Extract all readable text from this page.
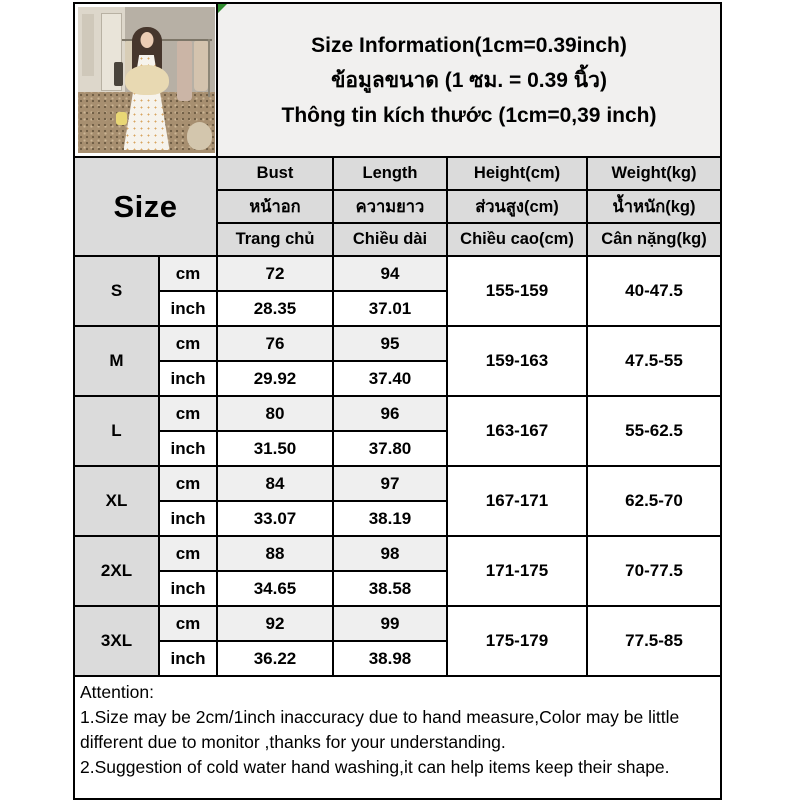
		Size Information(1cm=0.39inch)
ข้อมูลขนาด (1 ซม. = 0.39 นิ้ว)
Thông tin kích thước (1cm=0,39 inch)			

Size		Bust	Length	Height(cm)	Weight(kg)
		หน้าอก	ความยาว	ส่วนสูง(cm)	น้ำหนัก(kg)
		Trang chủ	Chiều dài	Chiều cao(cm)	Cân nặng(kg)
S	cm	72	94	155-159	40-47.5
	inch	28.35	37.01		
M	cm	76	95	159-163	47.5-55
	inch	29.92	37.40		
L	cm	80	96	163-167	55-62.5
	inch	31.50	37.80		
XL	cm	84	97	167-171	62.5-70
	inch	33.07	38.19		
2XL	cm	88	98	171-175	70-77.5
	inch	34.65	38.58		
3XL	cm	92	99	175-179	77.5-85
	inch	36.22	38.98		

Attention:
1.Size may be 2cm/1inch inaccuracy due to hand measure,Color may be little different due to monitor ,thanks for your understanding.
2.Suggestion of cold water hand washing,it can help items keep their shape.					
